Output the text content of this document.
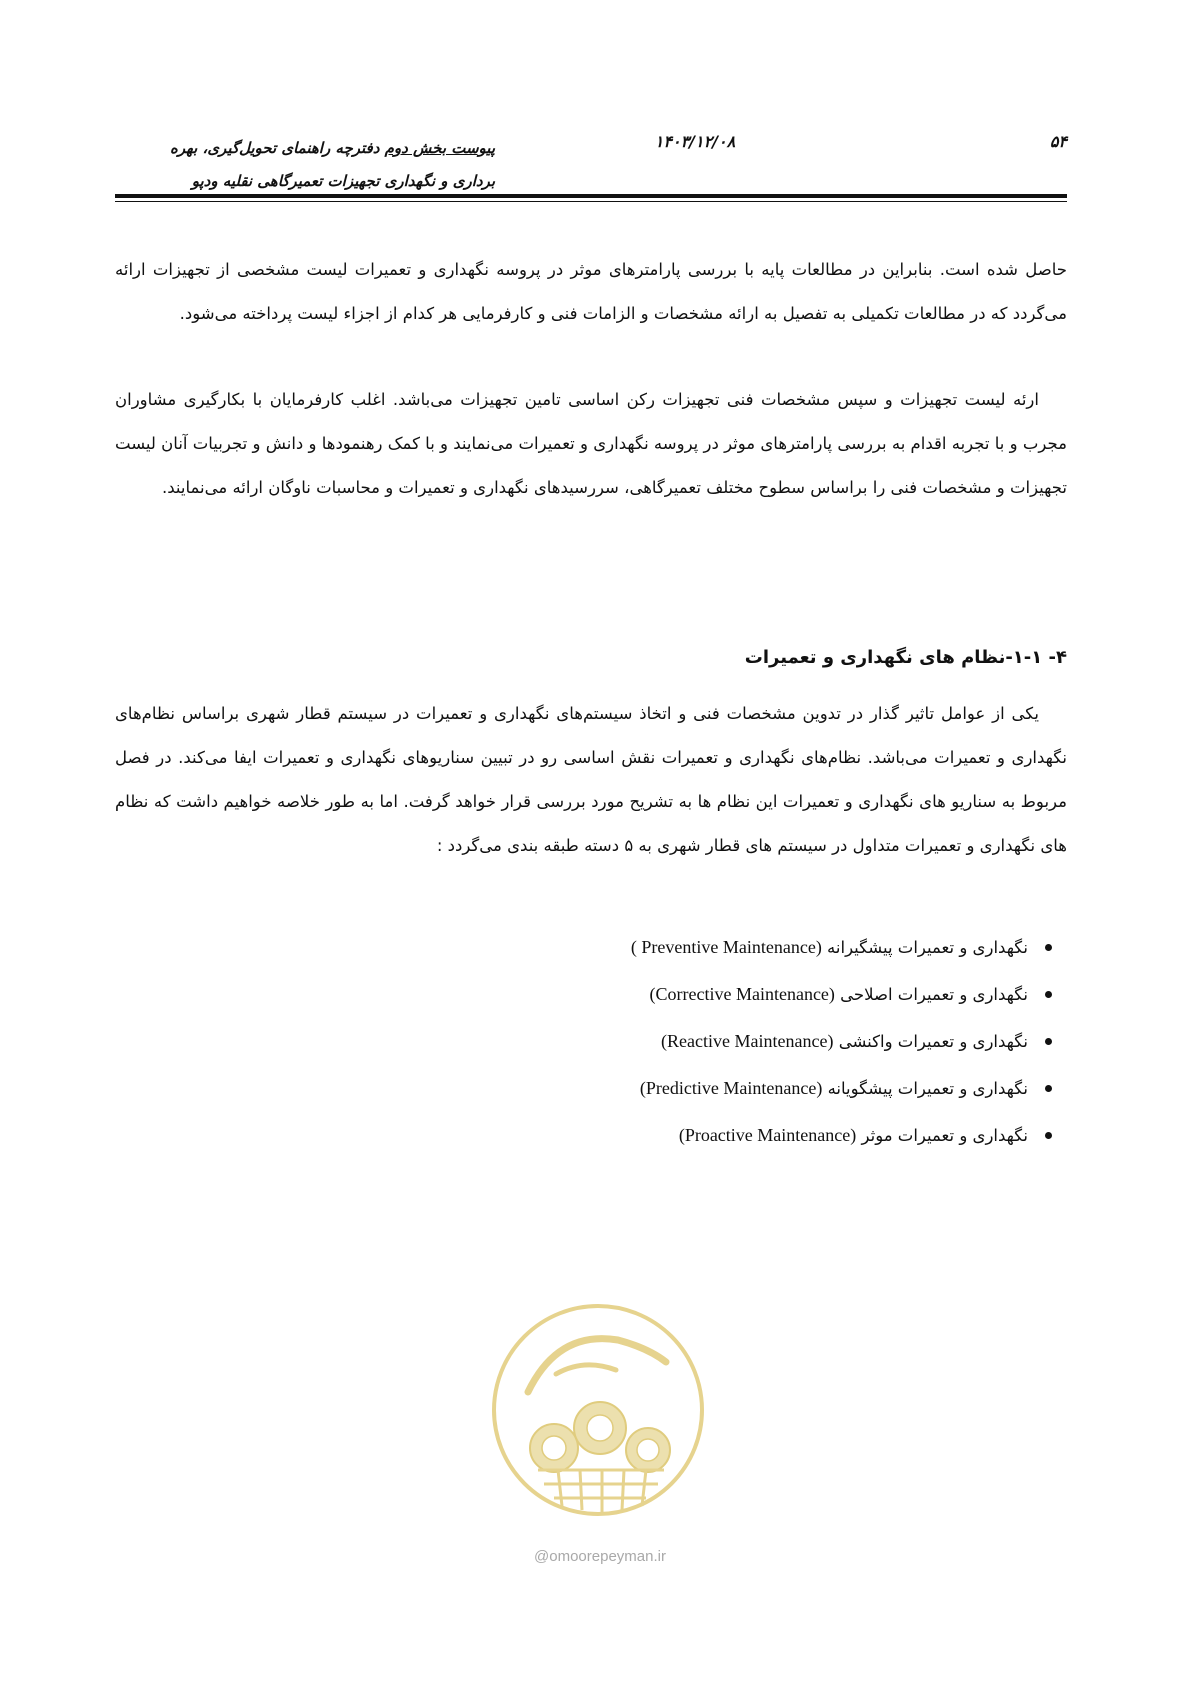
۵۴
۱۴۰۳/۱۲/۰۸
پیوست بخش دوم دفترچه راهنمای تحویل‌گیری، بهره
برداری و نگهداری تجهیزات تعمیرگاهی نقلیه ودپو

حاصل شده است. بنابراین در مطالعات پایه با بررسی پارامترهای موثر در پروسه نگهداری و تعمیرات لیست مشخصی از تجهیزات ارائه می‌گردد که در مطالعات تکمیلی به تفصیل به ارائه مشخصات و الزامات فنی و کارفرمایی هر کدام از اجزاء لیست پرداخته می‌شود.

ارئه لیست تجهیزات و سپس مشخصات فنی تجهیزات رکن اساسی تامین تجهیزات می‌باشد. اغلب کارفرمایان با بکارگیری مشاوران مجرب و با تجربه اقدام به بررسی پارامترهای موثر در پروسه نگهداری و تعمیرات می‌نمایند و با کمک رهنمودها و دانش و تجربیات آنان لیست تجهیزات و مشخصات فنی را براساس سطوح مختلف تعمیرگاهی، سررسیدهای نگهداری و تعمیرات و محاسبات ناوگان ارائه می‌نمایند.

۴- ۱-۱-نظام های نگهداری و تعمیرات

یکی از عوامل تاثیر گذار در تدوین مشخصات فنی و اتخاذ سیستم‌های نگهداری و تعمیرات در سیستم قطار شهری براساس نظام‌های نگهداری و تعمیرات می‌باشد. نظام‌های نگهداری و تعمیرات نقش اساسی رو در تبیین سناریوهای نگهداری و تعمیرات ایفا می‌کند. در فصل مربوط به سناریو های نگهداری و تعمیرات این نظام ها به تشریح مورد بررسی قرار خواهد گرفت. اما به طور خلاصه خواهیم داشت که نظام های نگهداری و تعمیرات متداول در سیستم های قطار شهری به ۵ دسته طبقه بندی می‌گردد :

نگهداری و تعمیرات پیشگیرانه (Preventive Maintenance )
نگهداری و تعمیرات اصلاحی (Corrective Maintenance)
نگهداری و تعمیرات واکنشی (Reactive Maintenance)
نگهداری و تعمیرات پیشگویانه (Predictive Maintenance)
نگهداری و تعمیرات موثر (Proactive Maintenance)
@omoorepeyman.ir
